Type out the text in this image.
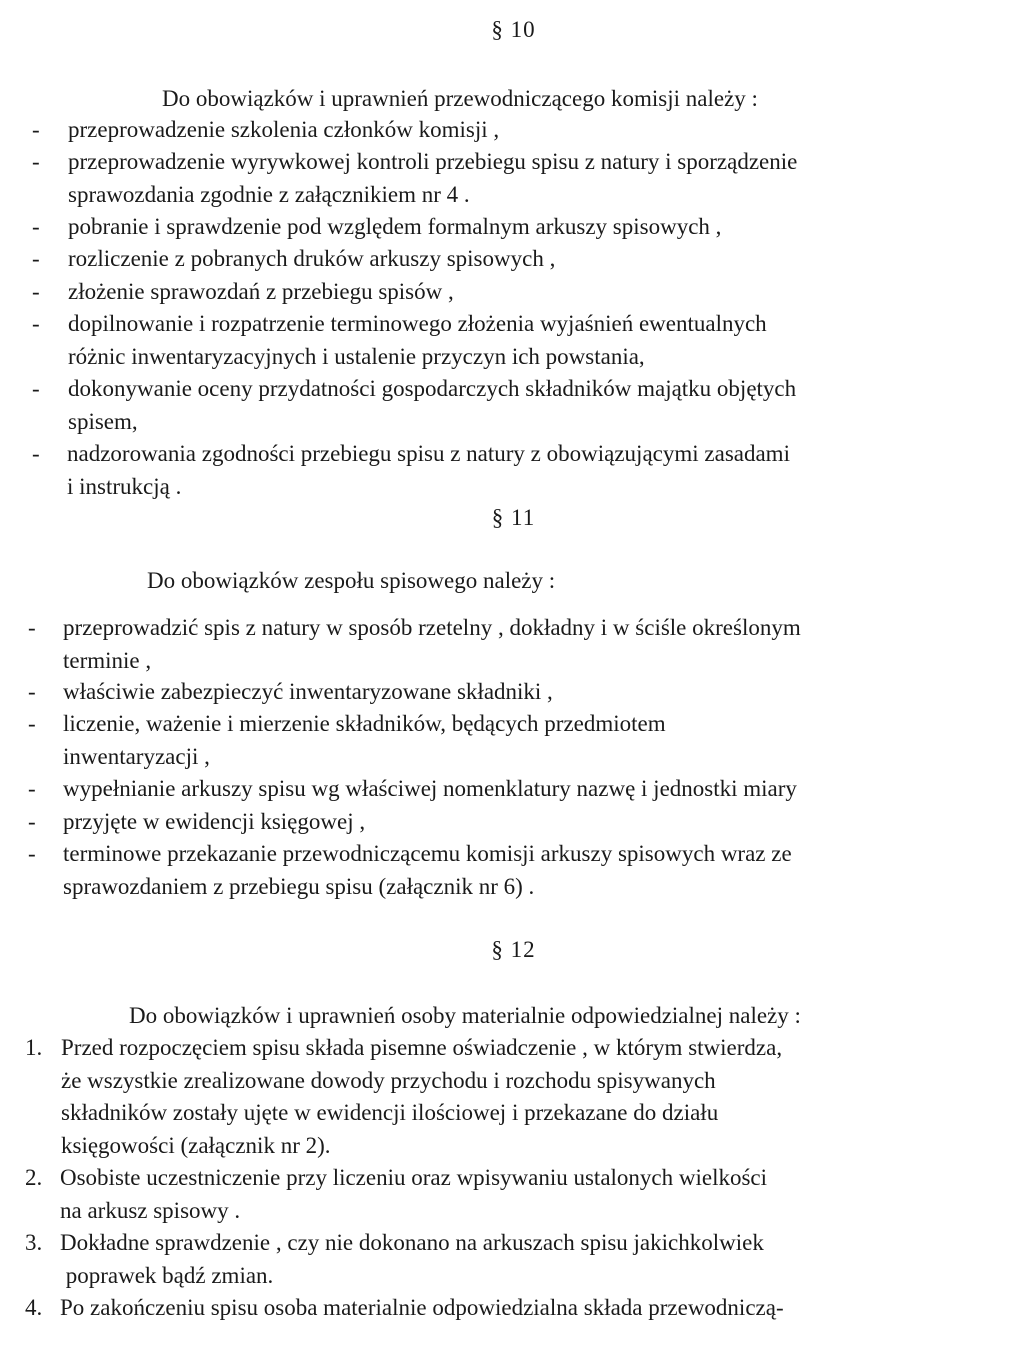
§ 10
Do obowiązków i uprawnień przewodniczącego komisji należy :
- przeprowadzenie szkolenia członków komisji ,
- przeprowadzenie wyrywkowej kontroli przebiegu spisu z natury i sporządzenie
sprawozdania zgodnie z załącznikiem nr 4 .
- pobranie i sprawdzenie pod względem formalnym arkuszy spisowych ,
- rozliczenie z pobranych druków arkuszy spisowych ,
- złożenie sprawozdań z przebiegu spisów ,
- dopilnowanie i rozpatrzenie terminowego złożenia wyjaśnień ewentualnych
różnic inwentaryzacyjnych i ustalenie przyczyn ich powstania,
- dokonywanie oceny przydatności gospodarczych składników majątku objętych
spisem,
- nadzorowania zgodności przebiegu spisu z natury z obowiązującymi zasadami
i instrukcją .
§ 11
Do obowiązków zespołu spisowego należy :
- przeprowadzić spis z natury w sposób rzetelny , dokładny i w ściśle określonym
terminie ,
- właściwie zabezpieczyć inwentaryzowane składniki ,
- liczenie, ważenie i mierzenie składników, będących przedmiotem
inwentaryzacji ,
- wypełnianie arkuszy spisu wg właściwej nomenklatury nazwę i jednostki miary
- przyjęte w ewidencji księgowej ,
- terminowe przekazanie przewodniczącemu komisji arkuszy spisowych wraz ze
sprawozdaniem z przebiegu spisu (załącznik nr 6) .
§ 12
Do obowiązków i uprawnień osoby materialnie odpowiedzialnej należy :
1. Przed rozpoczęciem spisu składa pisemne oświadczenie , w którym stwierdza,
że wszystkie zrealizowane dowody przychodu i rozchodu spisywanych
składników zostały ujęte w ewidencji ilościowej i przekazane do działu
księgowości (załącznik nr 2).
2. Osobiste uczestniczenie przy liczeniu oraz wpisywaniu ustalonych wielkości
na arkusz spisowy .
3. Dokładne sprawdzenie , czy nie dokonano na arkuszach spisu jakichkolwiek
poprawek bądź zmian.
4. Po zakończeniu spisu osoba materialnie odpowiedzialna składa przewodniczą-
